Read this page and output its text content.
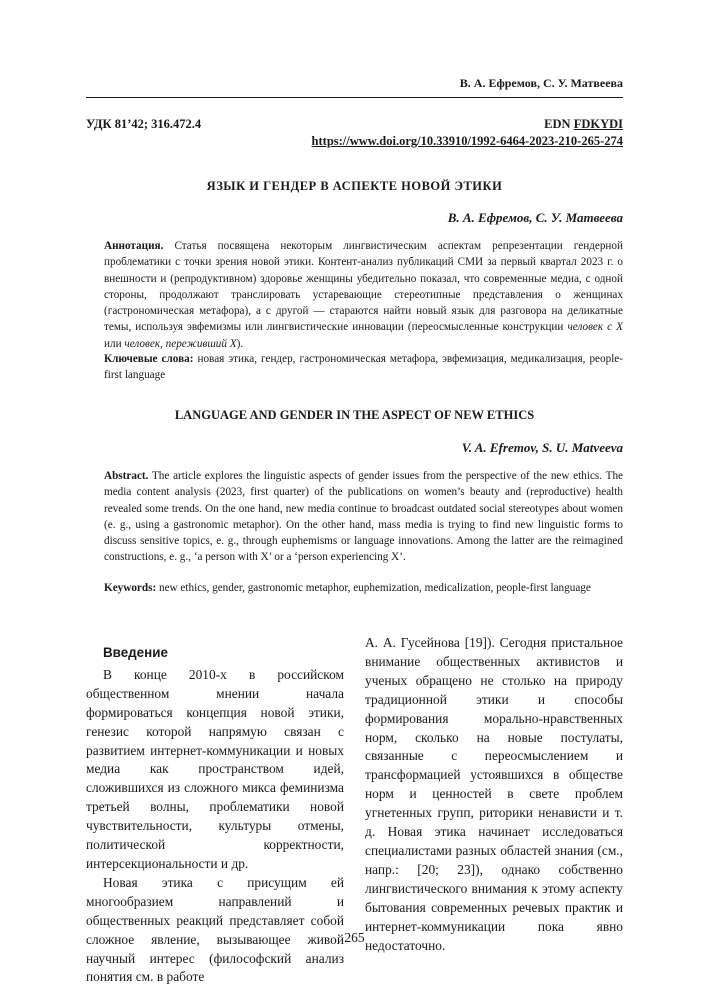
В. А. Ефремов, С. У. Матвеева
УДК 81’42; 316.472.4	EDN FDKYDI
https://www.doi.org/10.33910/1992-6464-2023-210-265-274
ЯЗЫК И ГЕНДЕР В АСПЕКТЕ НОВОЙ ЭТИКИ
В. А. Ефремов, С. У. Матвеева
Аннотация. Статья посвящена некоторым лингвистическим аспектам репрезентации гендерной проблематики с точки зрения новой этики. Контент-анализ публикаций СМИ за первый квартал 2023 г. о внешности и (репродуктивном) здоровье женщины убедительно показал, что современные медиа, с одной стороны, продолжают транслировать устаревающие стереотипные представления о женщинах (гастрономическая метафора), а с другой — стараются найти новый язык для разговора на деликатные темы, используя эвфемизмы или лингвистические инновации (переосмысленные конструкции человек с X или человек, переживший X).
Ключевые слова: новая этика, гендер, гастрономическая метафора, эвфемизация, медикализация, people-first language
LANGUAGE AND GENDER IN THE ASPECT OF NEW ETHICS
V. A. Efremov, S. U. Matveeva
Abstract. The article explores the linguistic aspects of gender issues from the perspective of the new ethics. The media content analysis (2023, first quarter) of the publications on women’s beauty and (reproductive) health revealed some trends. On the one hand, new media continue to broadcast outdated social stereotypes about women (e. g., using a gastronomic metaphor). On the other hand, mass media is trying to find new linguistic forms to discuss sensitive topics, e. g., through euphemisms or language innovations. Among the latter are the reimagined constructions, e. g., ‘a person with X’ or a ‘person experiencing X’.
Keywords: new ethics, gender, gastronomic metaphor, euphemization, medicalization, people-first language
Введение

В конце 2010-х в российском общественном мнении начала формироваться концепция новой этики, генезис которой напрямую связан с развитием интернет-коммуникации и новых медиа как пространством идей, сложившихся из сложного микса феминизма третьей волны, проблематики новой чувствительности, культуры отмены, политической корректности, интерсекциональности и др.

Новая этика с присущим ей многообразием направлений и общественных реакций представляет собой сложное явление, вызывающее живой научный интерес (философский анализ понятия см. в работе

А. А. Гусейнова [19]). Сегодня пристальное внимание общественных активистов и ученых обращено не столько на природу традиционной этики и способы формирования морально-нравственных норм, сколько на новые постулаты, связанные с переосмыслением и трансформацией устоявшихся в обществе норм и ценностей в свете проблем угнетенных групп, риторики ненависти и т. д. Новая этика начинает исследоваться специалистами разных областей знания (см., напр.: [20; 23]), однако собственно лингвистического внимания к этому аспекту бытования современных речевых практик и интернет-коммуникации пока явно недостаточно.

265
